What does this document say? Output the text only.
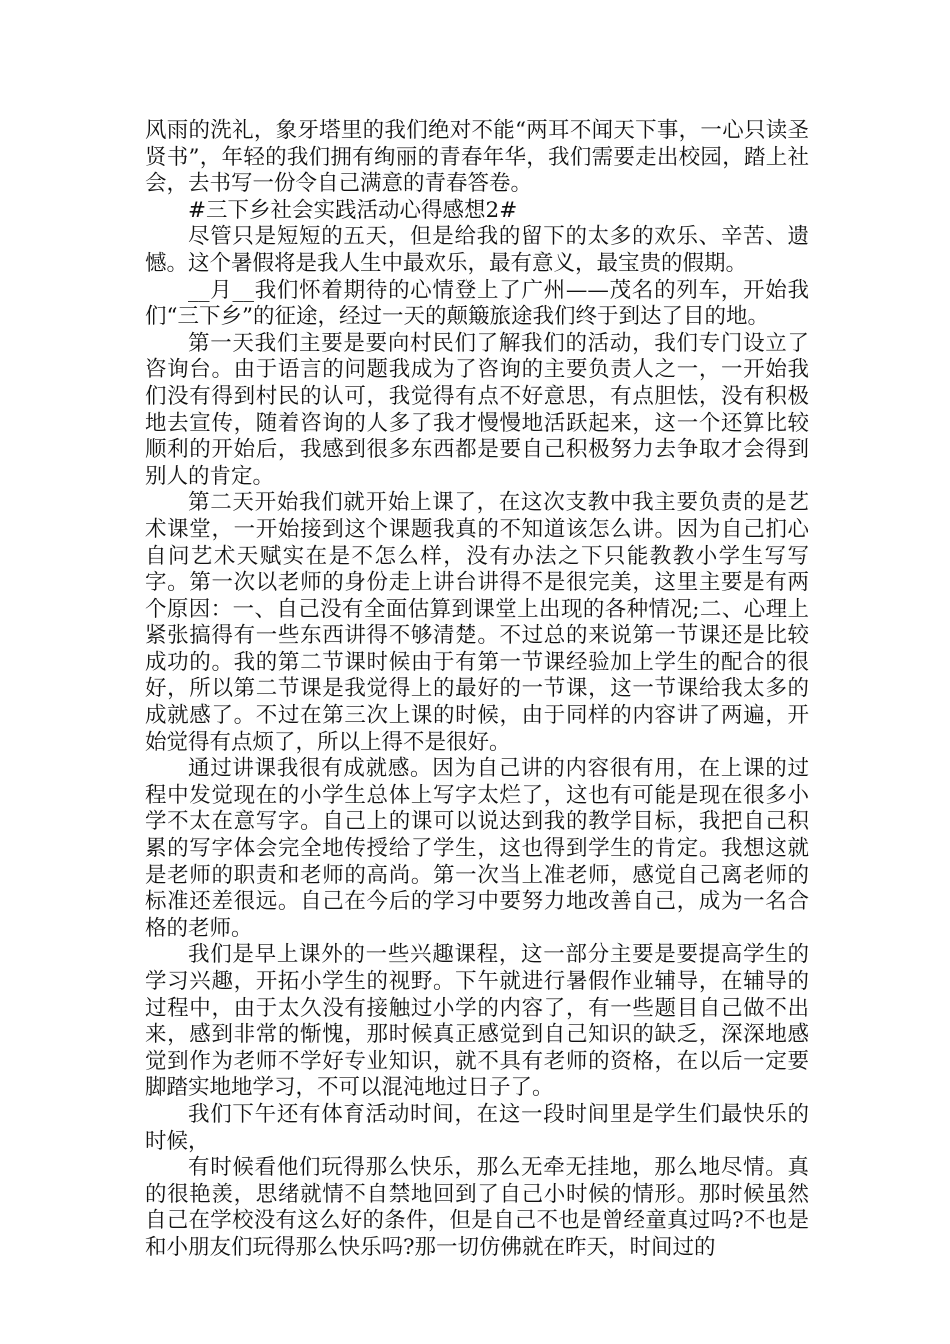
风雨的洗礼，象牙塔里的我们绝对不能“两耳不闻天下事，一心只读圣贤书”，年轻的我们拥有绚丽的青春年华，我们需要走出校园，踏上社会，去书写一份令自己满意的青春答卷。

#三下乡社会实践活动心得感想2#

尽管只是短短的五天，但是给我的留下的太多的欢乐、辛苦、遗憾。这个暑假将是我人生中最欢乐，最有意义，最宝贵的假期。

__月__我们怀着期待的心情登上了广州——茂名的列车，开始我们“三下乡”的征途，经过一天的颠簸旅途我们终于到达了目的地。

第一天我们主要是要向村民们了解我们的活动，我们专门设立了咨询台。由于语言的问题我成为了咨询的主要负责人之一，一开始我们没有得到村民的认可，我觉得有点不好意思，有点胆怯，没有积极地去宣传，随着咨询的人多了我才慢慢地活跃起来，这一个还算比较顺利的开始后，我感到很多东西都是要自己积极努力去争取才会得到别人的肯定。

第二天开始我们就开始上课了，在这次支教中我主要负责的是艺术课堂，一开始接到这个课题我真的不知道该怎么讲。因为自己扪心自问艺术天赋实在是不怎么样，没有办法之下只能教教小学生写写字。第一次以老师的身份走上讲台讲得不是很完美，这里主要是有两个原因：一、自己没有全面估算到课堂上出现的各种情况;二、心理上紧张搞得有一些东西讲得不够清楚。不过总的来说第一节课还是比较成功的。我的第二节课时候由于有第一节课经验加上学生的配合的很好，所以第二节课是我觉得上的最好的一节课，这一节课给我太多的成就感了。不过在第三次上课的时候，由于同样的内容讲了两遍，开始觉得有点烦了，所以上得不是很好。

通过讲课我很有成就感。因为自己讲的内容很有用，在上课的过程中发觉现在的小学生总体上写字太烂了，这也有可能是现在很多小学不太在意写字。自己上的课可以说达到我的教学目标，我把自己积累的写字体会完全地传授给了学生，这也得到学生的肯定。我想这就是老师的职责和老师的高尚。第一次当上准老师，感觉自己离老师的标准还差很远。自己在今后的学习中要努力地改善自己，成为一名合格的老师。

我们是早上课外的一些兴趣课程，这一部分主要是要提高学生的学习兴趣，开拓小学生的视野。下午就进行暑假作业辅导，在辅导的过程中，由于太久没有接触过小学的内容了，有一些题目自己做不出来，感到非常的惭愧，那时候真正感觉到自己知识的缺乏，深深地感觉到作为老师不学好专业知识，就不具有老师的资格，在以后一定要脚踏实地地学习，不可以混沌地过日子了。

我们下午还有体育活动时间，在这一段时间里是学生们最快乐的时候，

有时候看他们玩得那么快乐，那么无牵无挂地，那么地尽情。真的很艳羡，思绪就情不自禁地回到了自己小时候的情形。那时候虽然自己在学校没有这么好的条件，但是自己不也是曾经童真过吗?不也是和小朋友们玩得那么快乐吗?那一切仿佛就在昨天，时间过的
